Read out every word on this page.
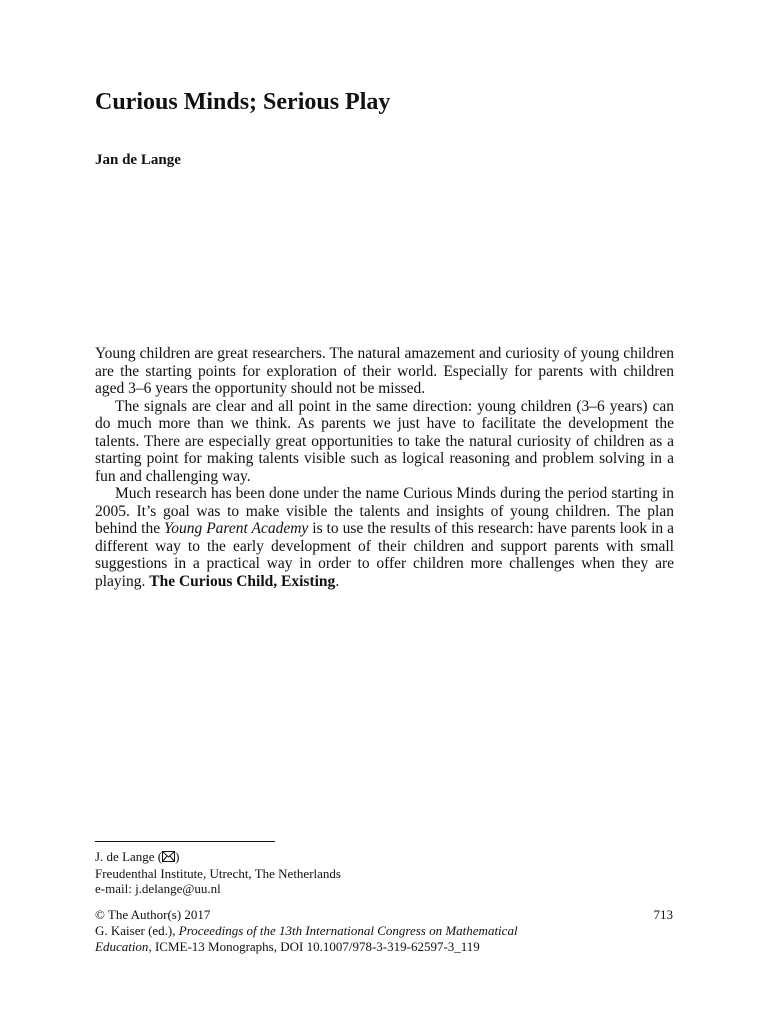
Curious Minds; Serious Play
Jan de Lange

Young children are great researchers. The natural amazement and curiosity of young children are the starting points for exploration of their world. Especially for parents with children aged 3–6 years the opportunity should not be missed.

The signals are clear and all point in the same direction: young children (3–6 years) can do much more than we think. As parents we just have to facilitate the development the talents. There are especially great opportunities to take the natural curiosity of children as a starting point for making talents visible such as logical reasoning and problem solving in a fun and challenging way.

Much research has been done under the name Curious Minds during the period starting in 2005. It’s goal was to make visible the talents and insights of young children. The plan behind the Young Parent Academy is to use the results of this research: have parents look in a different way to the early development of their children and support parents with small suggestions in a practical way in order to offer children more challenges when they are playing. The Curious Child, Existing.

J. de Lange ( )
Freudenthal Institute, Utrecht, The Netherlands
e-mail: j.delange@uu.nl
© The Author(s) 2017	713
G. Kaiser (ed.), Proceedings of the 13th International Congress on Mathematical
Education, ICME-13 Monographs, DOI 10.1007/978-3-319-62597-3_119
